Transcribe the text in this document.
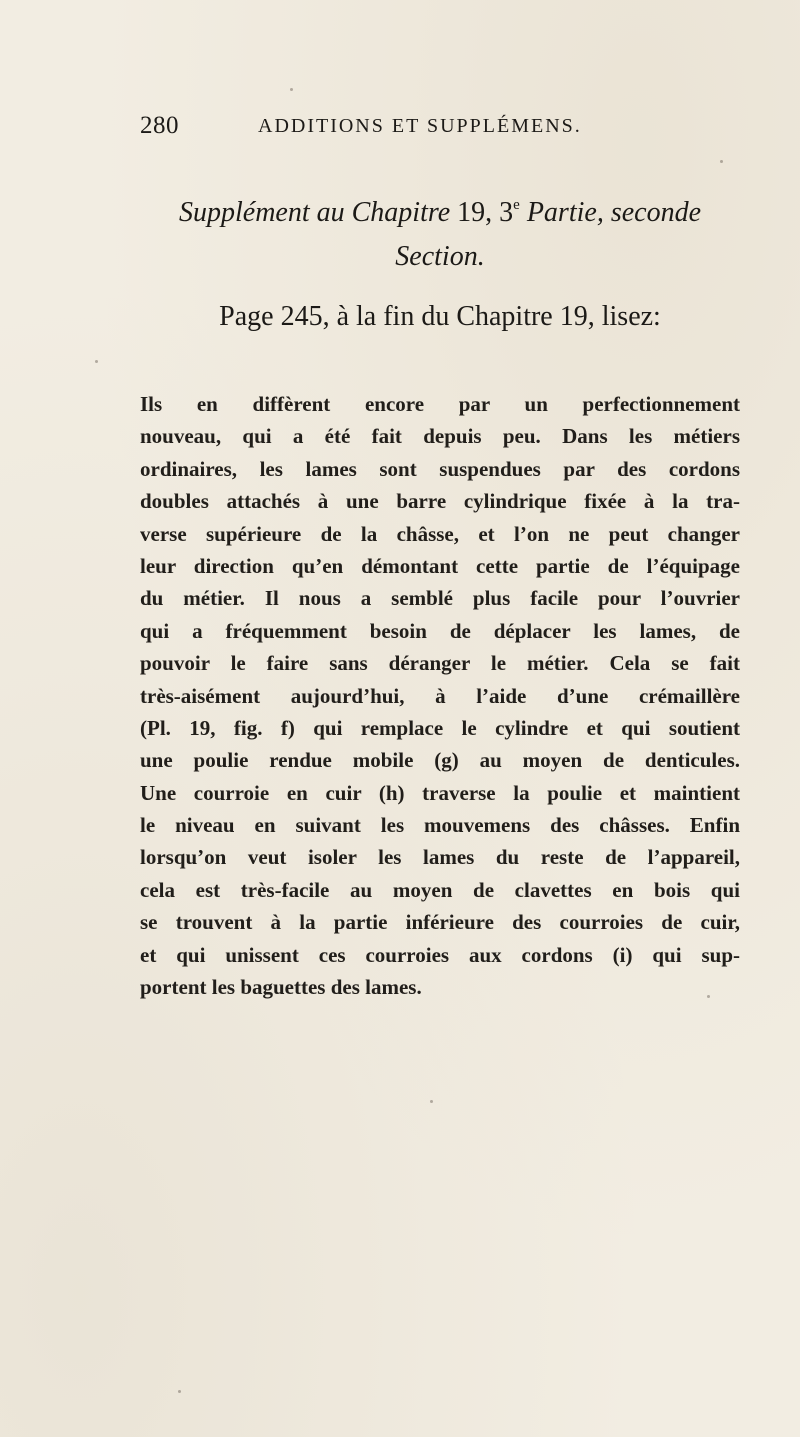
280	ADDITIONS ET SUPPLÉMENS.
Supplément au Chapitre 19, 3e Partie, seconde
Section.
Page 245, à la fin du Chapitre 19, lisez:
Ils en diffèrent encore par un perfectionnement
nouveau, qui a été fait depuis peu. Dans les métiers
ordinaires, les lames sont suspendues par des cordons
doubles attachés à une barre cylindrique fixée à la tra-
verse supérieure de la châsse, et l’on ne peut changer
leur direction qu’en démontant cette partie de l’équipage
du métier. Il nous a semblé plus facile pour l’ouvrier
qui a fréquemment besoin de déplacer les lames, de
pouvoir le faire sans déranger le métier. Cela se fait
très-aisément aujourd’hui, à l’aide d’une crémaillère
(Pl. 19, fig. f) qui remplace le cylindre et qui soutient
une poulie rendue mobile (g) au moyen de denticules.
Une courroie en cuir (h) traverse la poulie et maintient
le niveau en suivant les mouvemens des châsses. Enfin
lorsqu’on veut isoler les lames du reste de l’appareil,
cela est très-facile au moyen de clavettes en bois qui
se trouvent à la partie inférieure des courroies de cuir,
et qui unissent ces courroies aux cordons (i) qui sup-
portent les baguettes des lames.
